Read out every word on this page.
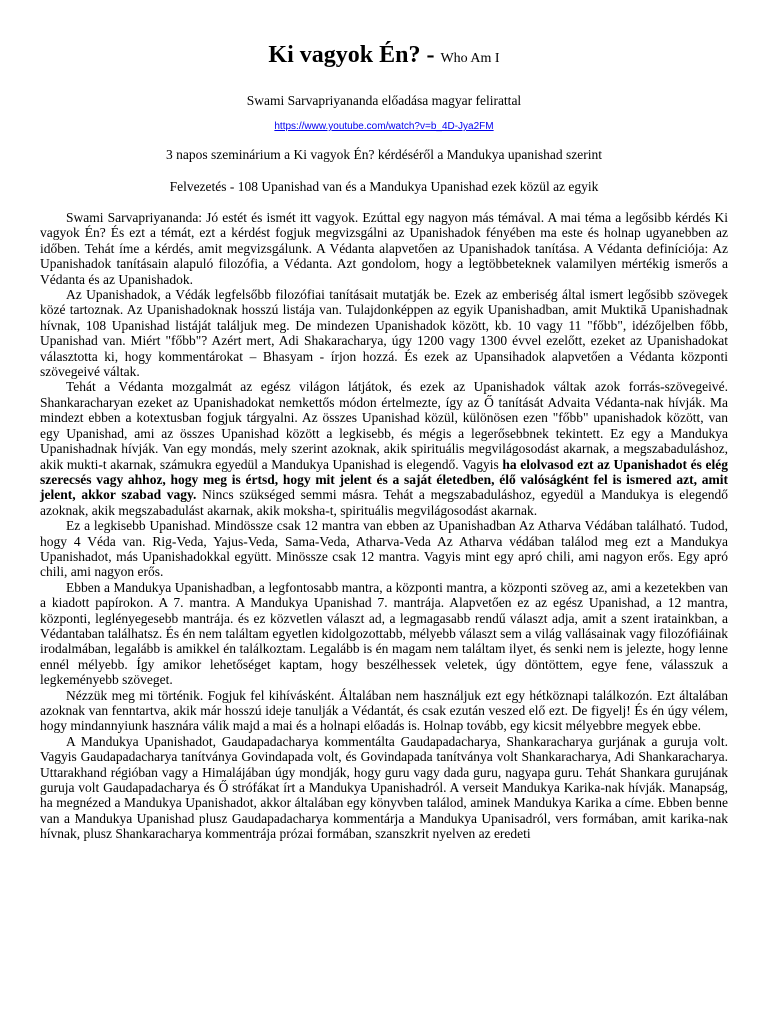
Ki vagyok Én? - Who Am I

Swami Sarvapriyananda előadása magyar felirattal

https://www.youtube.com/watch?v=b_4D-Jya2FM

3 napos szeminárium a Ki vagyok Én? kérdéséről a Mandukya upanishad szerint

Felvezetés - 108 Upanishad van és a Mandukya Upanishad ezek közül az egyik

Swami Sarvapriyananda: Jó estét és ismét itt vagyok. Ezúttal egy nagyon más témával. A mai téma a legősibb kérdés Ki vagyok Én? És ezt a témát, ezt a kérdést fogjuk megvizsgálni az Upanishadok fényében ma este és holnap ugyanebben az időben. Tehát íme a kérdés, amit megvizsgálunk. A Védanta alapvetően az Upanishadok tanítása. A Védanta definíciója: Az Upanishadok tanításain alapuló filozófia, a Védanta. Azt gondolom, hogy a legtöbbeteknek valamilyen mértékig ismerős a Védanta és az Upanishadok.

Az Upanishadok, a Védák legfelsőbb filozófiai tanításait mutatják be. Ezek az emberiség által ismert legősibb szövegek közé tartoznak. Az Upanishadoknak hosszú listája van. Tulajdonképpen az egyik Upanishadban, amit Muktikā Upanishadnak hívnak, 108 Upanishad listáját találjuk meg. De mindezen Upanishadok között, kb. 10 vagy 11 "főbb", idézőjelben főbb, Upanishad van. Miért "főbb"? Azért mert, Adi Shakaracharya, úgy 1200 vagy 1300 évvel ezelőtt, ezeket az Upanishadokat választotta ki, hogy kommentárokat – Bhasyam - írjon hozzá. És ezek az Upansihadok alapvetően a Védanta központi szövegeivé váltak.

Tehát a Védanta mozgalmát az egész világon látjátok, és ezek az Upanishadok váltak azok forrás-szövegeivé. Shankaracharyan ezeket az Upanishadokat nemkettős módon értelmezte, így az Ő tanítását Advaita Védanta-nak hívják. Ma mindezt ebben a kotextusban fogjuk tárgyalni. Az összes Upanishad közül, különösen ezen "főbb" upanishadok között, van egy Upanishad, ami az összes Upanishad között a legkisebb, és mégis a legerősebbnek tekintett. Ez egy a Mandukya Upanishadnak hívják. Van egy mondás, mely szerint azoknak, akik spirituális megvilágosodást akarnak, a megszabaduláshoz, akik mukti-t akarnak, számukra egyedül a Mandukya Upanishad is elegendő. Vagyis ha elolvasod ezt az Upanishadot és elég szerecsés vagy ahhoz, hogy meg is értsd, hogy mit jelent és a saját életedben, élő valóságként fel is ismered azt, amit jelent, akkor szabad vagy. Nincs szükséged semmi másra. Tehát a megszabaduláshoz, egyedül a Mandukya is elegendő azoknak, akik megszabadulást akarnak, akik moksha-t, spirituális megvilágosodást akarnak.

Ez a legkisebb Upanishad. Mindössze csak 12 mantra van ebben az Upanishadban Az Atharva Védában található. Tudod, hogy 4 Véda van. Rig-Veda, Yajus-Veda, Sama-Veda, Atharva-Veda Az Atharva védában találod meg ezt a Mandukya Upanishadot, más Upanishadokkal együtt. Minössze csak 12 mantra. Vagyis mint egy apró chili, ami nagyon erős. Egy apró chili, ami nagyon erős.

Ebben a Mandukya Upanishadban, a legfontosabb mantra, a központi mantra, a központi szöveg az, ami a kezetekben van a kiadott papírokon. A 7. mantra. A Mandukya Upanishad 7. mantrája. Alapvetően ez az egész Upanishad, a 12 mantra, központi, leglényegesebb mantrája. és ez közvetlen választ ad, a legmagasabb rendű választ adja, amit a szent iratainkban, a Védantaban találhatsz. És én nem találtam egyetlen kidolgozottabb, mélyebb választ sem a világ vallásainak vagy filozófiáinak irodalmában, legalább is amikkel én találkoztam. Legalább is én magam nem találtam ilyet, és senki nem is jelezte, hogy lenne ennél mélyebb. Így amikor lehetőséget kaptam, hogy beszélhessek veletek, úgy döntöttem, egye fene, válasszuk a legkeményebb szöveget.

Nézzük meg mi történik. Fogjuk fel kihívásként. Általában nem használjuk ezt egy hétköznapi találkozón. Ezt általában azoknak van fenntartva, akik már hosszú ideje tanulják a Védantát, és csak ezután veszed elő ezt. De figyelj! És én úgy vélem, hogy mindannyiunk hasznára válik majd a mai és a holnapi előadás is. Holnap tovább, egy kicsit mélyebbre megyek ebbe.

A Mandukya Upanishadot, Gaudapadacharya kommentálta Gaudapadacharya, Shankaracharya gurjának a guruja volt. Vagyis Gaudapadacharya tanítványa Govindapada volt, és Govindapada tanítványa volt Shankaracharya, Adi Shankaracharya. Uttarakhand régióban vagy a Himalájában úgy mondják, hogy guru vagy dada guru, nagyapa guru. Tehát Shankara gurujának guruja volt Gaudapadacharya és Ő strófákat írt a Mandukya Upanishadról. A verseit Mandukya Karika-nak hívják. Manapság, ha megnézed a Mandukya Upanishadot, akkor általában egy könyvben találod, aminek Mandukya Karika a címe. Ebben benne van a Mandukya Upanishad plusz Gaudapadacharya kommentárja a Mandukya Upanisadról, vers formában, amit karika-nak hívnak, plusz Shankaracharya kommentrája prózai formában, szanszkrit nyelven az eredeti
